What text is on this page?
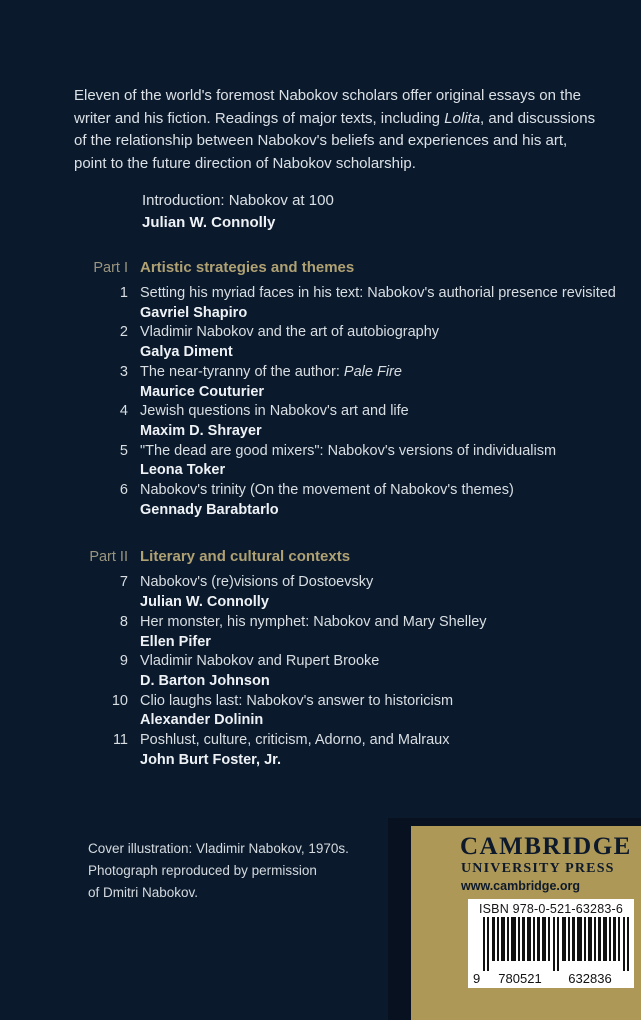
Eleven of the world's foremost Nabokov scholars offer original essays on the writer and his fiction. Readings of major texts, including Lolita, and discussions of the relationship between Nabokov's beliefs and experiences and his art, point to the future direction of Nabokov scholarship.

Introduction: Nabokov at 100
Julian W. Connolly
Part I Artistic strategies and themes
1 Setting his myriad faces in his text: Nabokov's authorial presence revisited
Gavriel Shapiro
2 Vladimir Nabokov and the art of autobiography
Galya Diment
3 The near-tyranny of the author: Pale Fire
Maurice Couturier
4 Jewish questions in Nabokov's art and life
Maxim D. Shrayer
5 "The dead are good mixers": Nabokov's versions of individualism
Leona Toker
6 Nabokov's trinity (On the movement of Nabokov's themes)
Gennady Barabtarlo
Part II Literary and cultural contexts
7 Nabokov's (re)visions of Dostoevsky
Julian W. Connolly
8 Her monster, his nymphet: Nabokov and Mary Shelley
Ellen Pifer
9 Vladimir Nabokov and Rupert Brooke
D. Barton Johnson
10 Clio laughs last: Nabokov's answer to historicism
Alexander Dolinin
11 Poshlust, culture, criticism, Adorno, and Malraux
John Burt Foster, Jr.
Cover illustration: Vladimir Nabokov, 1970s.
Photograph reproduced by permission
of Dmitri Nabokov.
CAMBRIDGE
UNIVERSITY PRESS
www.cambridge.org
ISBN 978-0-521-63283-6
9 780521 632836
